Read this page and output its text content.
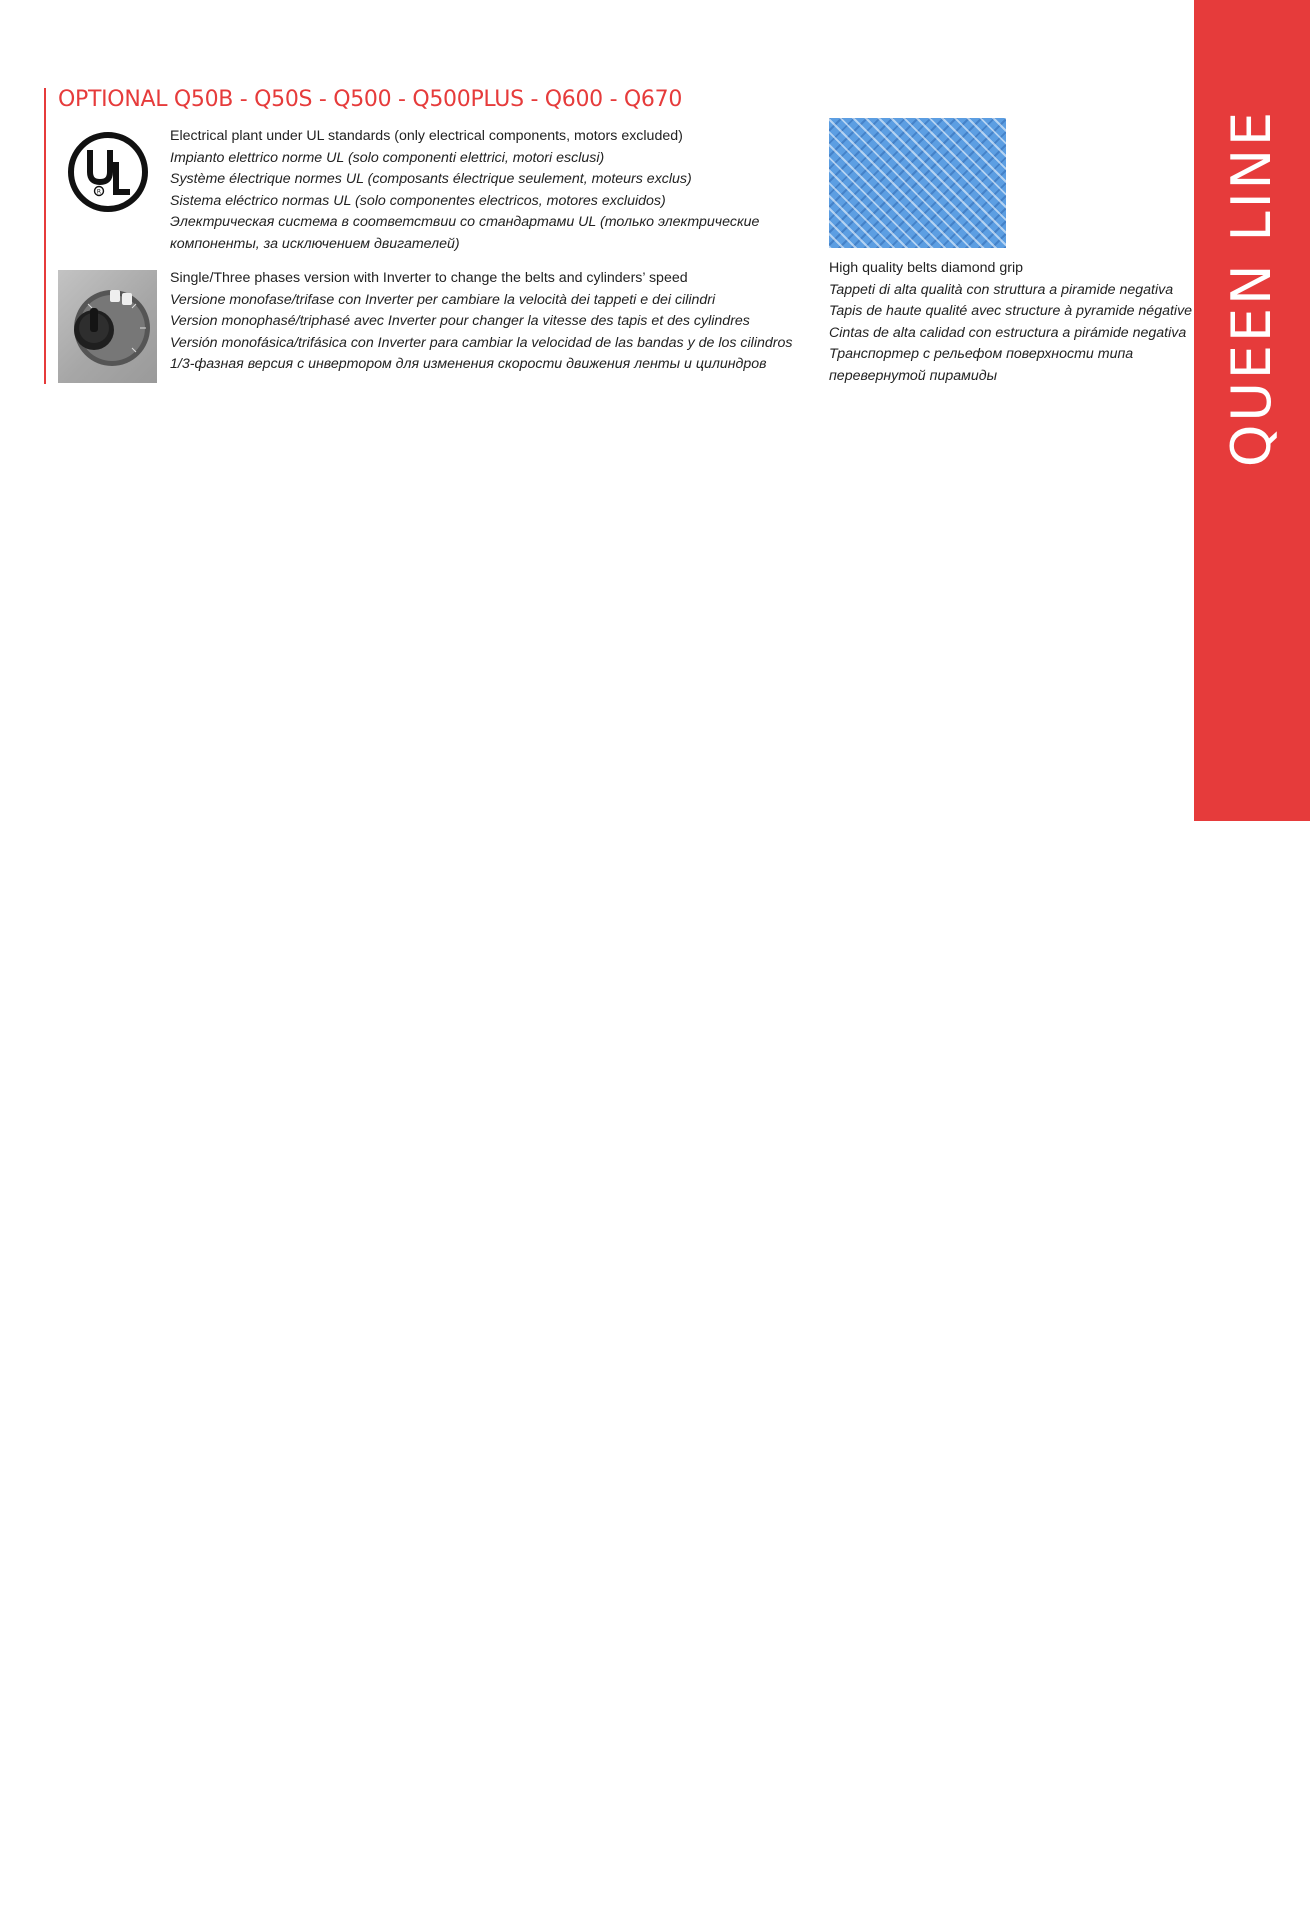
QUEEN LINE
OPTIONAL Q50B - Q50S - Q500 - Q500PLUS - Q600 - Q670
R
Electrical plant under UL standards (only electrical components, motors excluded)
Impianto elettrico norme UL (solo componenti elettrici, motori esclusi)
Système électrique normes UL (composants électrique seulement, moteurs exclus)
Sistema eléctrico normas UL (solo componentes electricos, motores excluidos)
Электрическая система в соответствии со стандартами UL (только электрические
компоненты, за исключением двигателей)
Single/Three phases version with Inverter to change the belts and cylinders’ speed
Versione monofase/trifase con Inverter per cambiare la velocità dei tappeti e dei cilindri
Version monophasé/triphasé avec Inverter pour changer la vitesse des tapis et des cylindres
Versión monofásica/trifásica con Inverter para cambiar la velocidad de las bandas y de los cilindros
1/3-фазная версия с инвертором для изменения скорости движения ленты и цилиндров
High quality belts diamond grip
Tappeti di alta qualità con struttura a piramide negativa
Tapis de haute qualité avec structure à pyramide négative
Cintas de alta calidad con estructura a pirámide negativa
Транспортер с рельефом поверхности типа
перевернутой пирамиды
